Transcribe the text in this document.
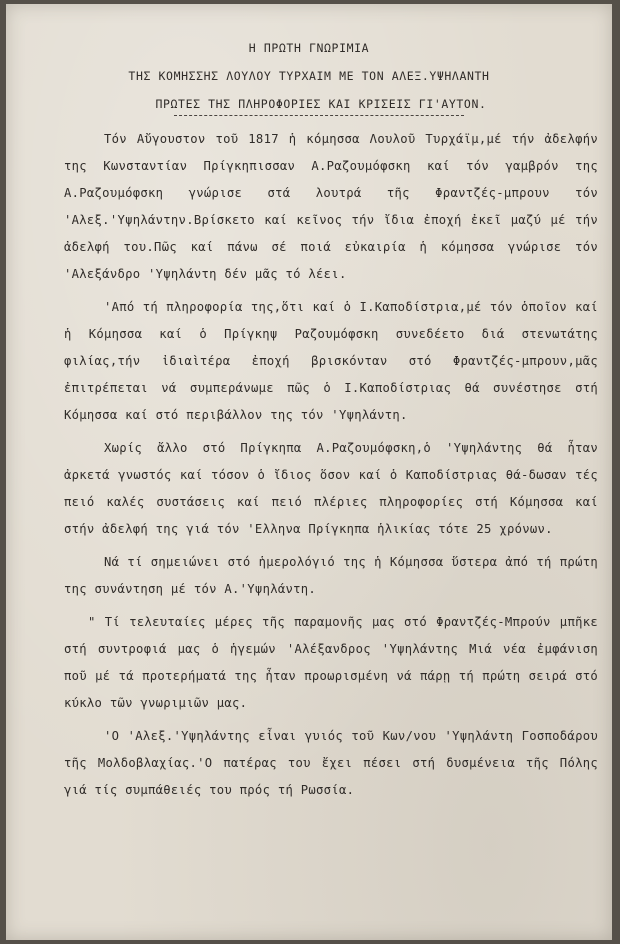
Η ΠΡΩΤΗ ΓΝΩΡΙΜΙΑ
ΤΗΣ ΚΟΜΗΣΣΗΣ ΛΟΥΛΟΥ ΤΥΡΧΑΙΜ ΜΕ ΤΟΝ ΑΛΕΞ.ΥΨΗΛΑΝΤΗ
ΠΡΩΤΕΣ ΤΗΣ ΠΛΗΡΟΦΟΡΙΕΣ ΚΑΙ ΚΡΙΣΕΙΣ ΓΙ'ΑΥΤΟΝ.

Τόν Αὔγουστον τοῦ 1817 ἡ κόμησσα Λουλοῦ Τυρχάϊμ,μέ τήν ἀδελφήν της Κωνσταντίαν Πρίγκηπισσαν Α.Ραζουμόφσκη καί τόν γαμβρόν της Α.Ραζουμόφσκη γνώρισε στά λουτρά τῆς Φραντζές-μπρουν τόν 'Αλεξ.'Υψηλάντην.Βρίσκετο καί κεῖνος τήν ἴδια ἐποχή ἐκεῖ μαζύ μέ τήν ἀδελφή του.Πῶς καί πάνω σέ ποιά εὐκαιρία ἡ κόμησσα γνώρισε τόν 'Αλεξάνδρο 'Υψηλάντη δέν μᾶς τό λέει.

'Από τή πληροφορία της,ὅτι καί ὁ Ι.Καποδίστρια,μέ τόν ὁποῖον καί ἡ Κόμησσα καί ὁ Πρίγκηψ Ραζουμόφσκη συνεδέετο διά στενωτάτης φιλίας,τήν ἰδιαὶτέρα ἐποχή βρισκόνταν στό Φραντζές-μπρουν,μᾶς ἐπιτρέπεται νά συμπεράνωμε πῶς ὁ Ι.Καποδίστριας θά συνέστησε στή Κόμησσα καί στό περιβάλλον της τόν 'Υψηλάντη.

Χωρίς ἄλλο στό Πρίγκηπα Α.Ραζουμόφσκη,ὁ 'Υψηλάντης θά ἦταν ἀρκετά γνωστός καί τόσον ὁ ἴδιος ὅσον καί ὁ Καποδίστριας θά-δωσαν τές πειό καλές συστάσεις καί πειό πλέριες πληροφορίες στή Κόμησσα καί στήν ἀδελφή της γιά τόν 'Ελληνα Πρίγκηπα ἡλικίας τότε 25 χρόνων.

Νά τί σημειώνει στό ἡμερολόγιό της ἡ Κόμησσα ὕστερα ἀπό τή πρώτη της συνάντηση μέ τόν Α.'Υψηλάντη.

" Τί τελευταίες μέρες τῆς παραμονῆς μας στό Φραντζές-Μπρούν μπῆκε στή συντροφιά μας ὁ ἡγεμών 'Αλέξανδρος 'Υψηλάντης Μιά νέα ἐμφάνιση ποῦ μέ τά προτερήματά της ἦταν προωρισμένη νά πάρῃ τή πρώτη σειρά στό κύκλο τῶν γνωριμιῶν μας.

'Ο 'Αλεξ.'Υψηλάντης εἶναι γυιός τοῦ Κων/νου 'Υψηλάντη Γοσποδάρου τῆς Μολδοβλαχίας.'Ο πατέρας του ἔχει πέσει στή δυσμένεια τῆς Πόλης γιά τίς συμπάθειές του πρός τή Ρωσσία.
